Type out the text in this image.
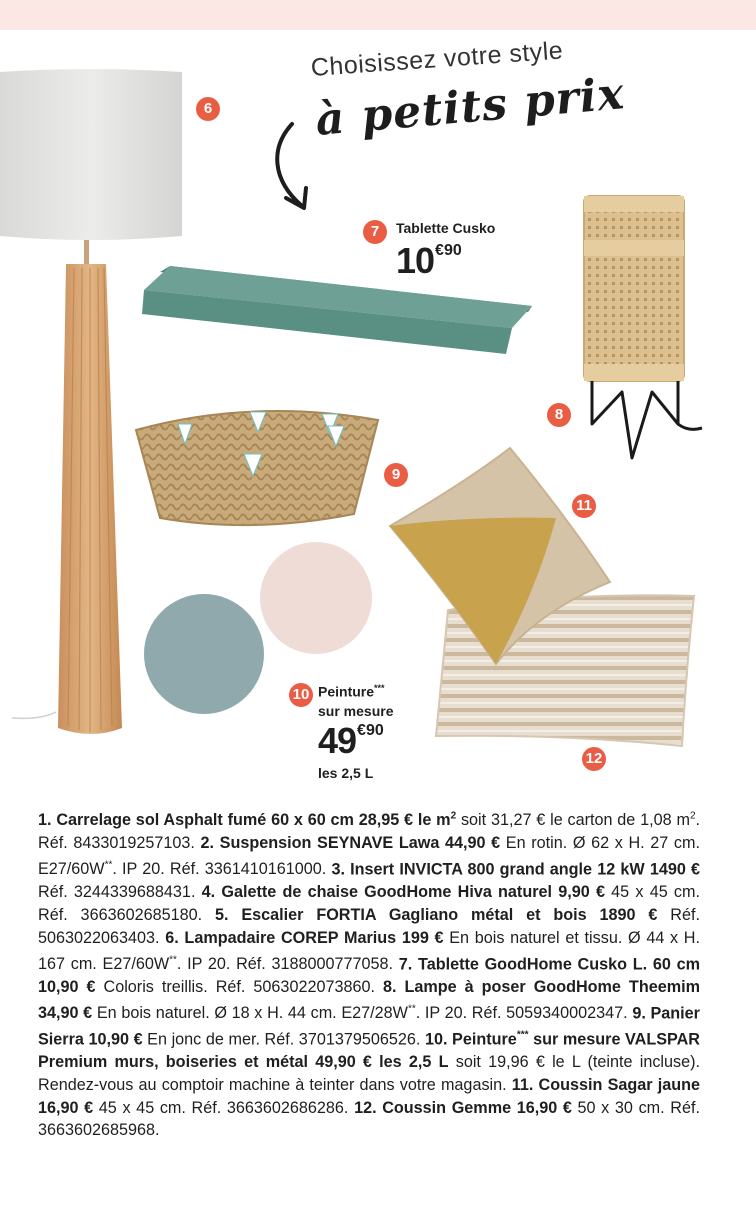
Choisissez votre style
à petits prix
6
7	Tablette Cusko
$10^{€90}$
8
9
10 Peinture***
sur mesure
$49^{€90}$
les 2,5 L
11
12
1. Carrelage sol Asphalt fumé 60 x 60 cm 28,95 € le $m^2$ soit 31,27 € le carton de 1,08 $m^2$. Réf. 8433019257103. 2. Suspension SEYNAVE Lawa 44,90 € En rotin. Ø 62 x H. 27 cm. E27/60W**. IP 20. Réf. 3361410161000. 3. Insert INVICTA 800 grand angle 12 kW 1490 € Réf. 3244339688431. 4. Galette de chaise GoodHome Hiva naturel 9,90 € 45 x 45 cm. Réf. 3663602685180. 5. Escalier FORTIA Gagliano métal et bois 1890 € Réf. 5063022063403. 6. Lampadaire COREP Marius 199 € En bois naturel et tissu. Ø 44 x H. 167 cm. E27/60W**. IP 20. Réf. 3188000777058. 7. Tablette GoodHome Cusko L. 60 cm 10,90 € Coloris treillis. Réf. 5063022073860. 8. Lampe à poser GoodHome Theemim 34,90 € En bois naturel. Ø 18 x H. 44 cm. E27/28W**. IP 20. Réf. 5059340002347. 9. Panier Sierra 10,90 € En jonc de mer. Réf. 3701379506526. 10. Peinture*** sur mesure VALSPAR Premium murs, boiseries et métal 49,90 € les 2,5 L soit 19,96 € le L (teinte incluse). Rendez-vous au comptoir machine à teinter dans votre magasin. 11. Coussin Sagar jaune 16,90 € 45 x 45 cm. Réf. 3663602686286. 12. Coussin Gemme 16,90 € 50 x 30 cm. Réf. 3663602685968.
